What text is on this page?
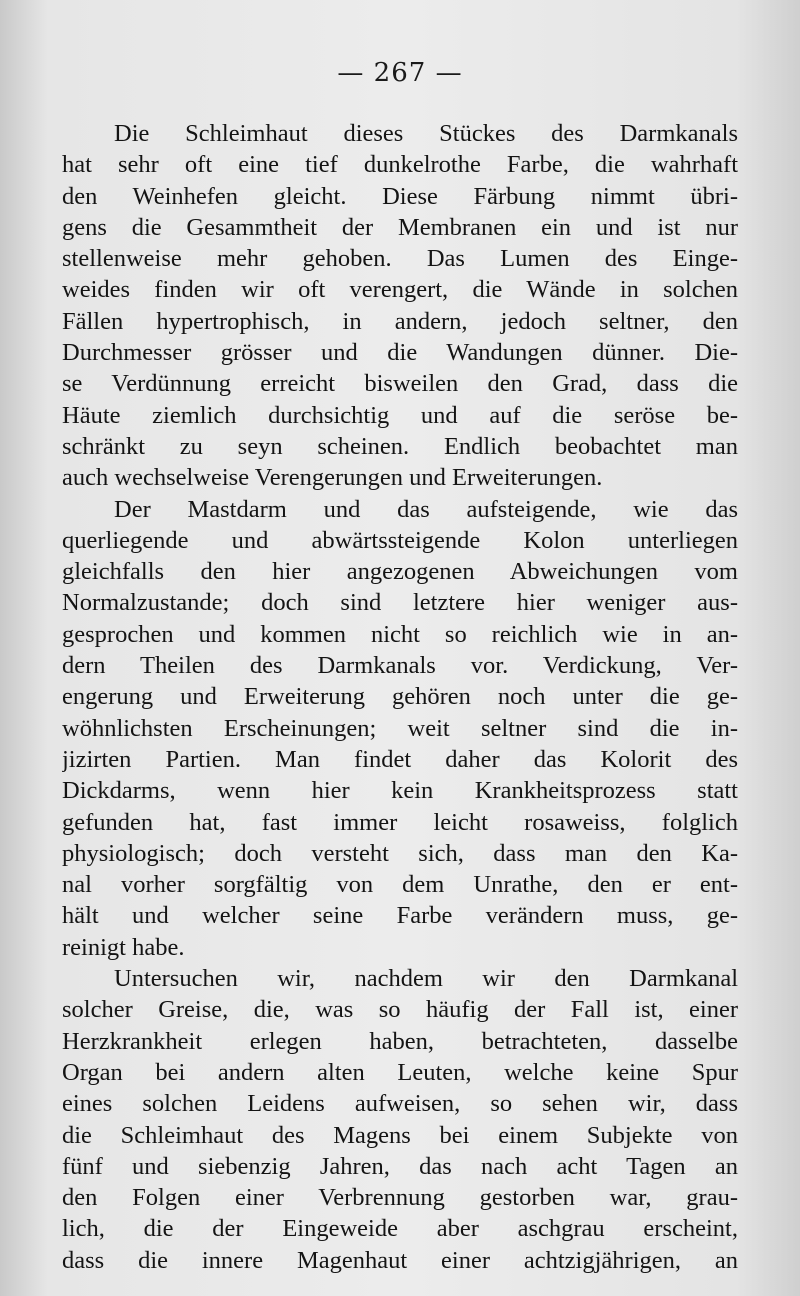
— 267 —
Die Schleimhaut dieses Stückes des Darmkanals
hat sehr oft eine tief dunkelrothe Farbe, die wahrhaft
den Weinhefen gleicht. Diese Färbung nimmt übri-
gens die Gesammtheit der Membranen ein und ist nur
stellenweise mehr gehoben. Das Lumen des Einge-
weides finden wir oft verengert, die Wände in solchen
Fällen hypertrophisch, in andern, jedoch seltner, den
Durchmesser grösser und die Wandungen dünner. Die-
se Verdünnung erreicht bisweilen den Grad, dass die
Häute ziemlich durchsichtig und auf die seröse be-
schränkt zu seyn scheinen. Endlich beobachtet man
auch wechselweise Verengerungen und Erweiterungen.
Der Mastdarm und das aufsteigende, wie das
querliegende und abwärtssteigende Kolon unterliegen
gleichfalls den hier angezogenen Abweichungen vom
Normalzustande; doch sind letztere hier weniger aus-
gesprochen und kommen nicht so reichlich wie in an-
dern Theilen des Darmkanals vor. Verdickung, Ver-
engerung und Erweiterung gehören noch unter die ge-
wöhnlichsten Erscheinungen; weit seltner sind die in-
jizirten Partien. Man findet daher das Kolorit des
Dickdarms, wenn hier kein Krankheitsprozess statt
gefunden hat, fast immer leicht rosaweiss, folglich
physiologisch; doch versteht sich, dass man den Ka-
nal vorher sorgfältig von dem Unrathe, den er ent-
hält und welcher seine Farbe verändern muss, ge-
reinigt habe.
Untersuchen wir, nachdem wir den Darmkanal
solcher Greise, die, was so häufig der Fall ist, einer
Herzkrankheit erlegen haben, betrachteten, dasselbe
Organ bei andern alten Leuten, welche keine Spur
eines solchen Leidens aufweisen, so sehen wir, dass
die Schleimhaut des Magens bei einem Subjekte von
fünf und siebenzig Jahren, das nach acht Tagen an
den Folgen einer Verbrennung gestorben war, grau-
lich, die der Eingeweide aber aschgrau erscheint,
dass die innere Magenhaut einer achtzigjährigen, an
